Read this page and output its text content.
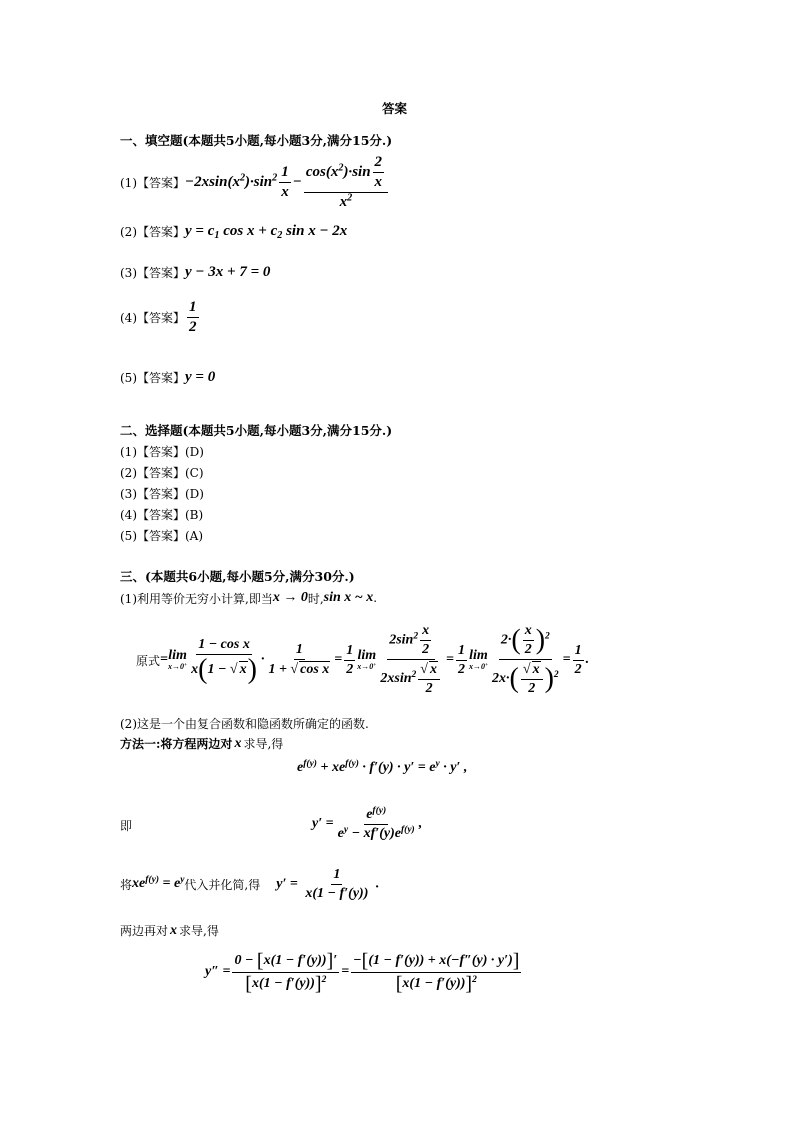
答案
一、填空题(本题共5小题,每小题3分,满分15分.)
(1)【答案】 $-2xsin(x^2)\cdot\sin^2 \frac{1}{x} - \frac{\cos(x^2)\cdot\sin \frac{2}{x}}{x^2}$
(2)【答案】 $y = c_1$ $\cos x + c_2$ sin x − 2x
(3)【答案】 y − 3x + 7 = 0
(4)【答案】 $\frac{1}{2}$
(5)【答案】 y = 0
二、选择题(本题共5小题,每小题3分,满分15分.)
(1)【答案】(D)
(2)【答案】(C)
(3)【答案】(D)
(4)【答案】(B)
(5)【答案】(A)
三、(本题共6小题,每小题5分,满分30分.)
(1)利用等价无穷小计算,即当 x → 0 时, sin x ~ x .
原式 = lim
$x\to 0^+ \frac{\text{1 − cos x}}{x(1 - √ x)} \cdot \frac{1}{\text{1 + √ cos x}} = \frac{1}{2}$ lim
$x\to 0^+ \frac{2\sin^2 \frac{x}{2}}{2xsin^2 \frac{√ x}{2}} = \frac{1}{2}$ lim
$x\to 0^+ \frac{2\cdot( \frac{x}{2} )^2}{2x\cdot( \frac{√ x}{2} )^2} = \frac{1}{2}$ .
(2)这是一个由复合函数和隐函数所确定的函数.
方法一:将方程两边对 x 求导,得
$e^{f(y)} + xe^{f(y)} \cdot f'(y) \cdot y' = e^y \cdot y'$ ,
即	y ′ = $\frac{e^{f(y)}}{e^y - xf'(y)e^{f(y)}}$ ,
将 $xe^{f(y)} = e^y$ 代入并化简,得 $y' = \frac{1}{x(1 - f'(y))}$ .
两边再对 x 求导,得
y ″ = $\frac{0 - [x(1 - f'(y))]'}{[x(1 - f'(y))]^2} = \frac{-[(1 - f'(y)) + x(-f''(y) \cdot y')]}{[x(1 - f'(y))]^2}$
